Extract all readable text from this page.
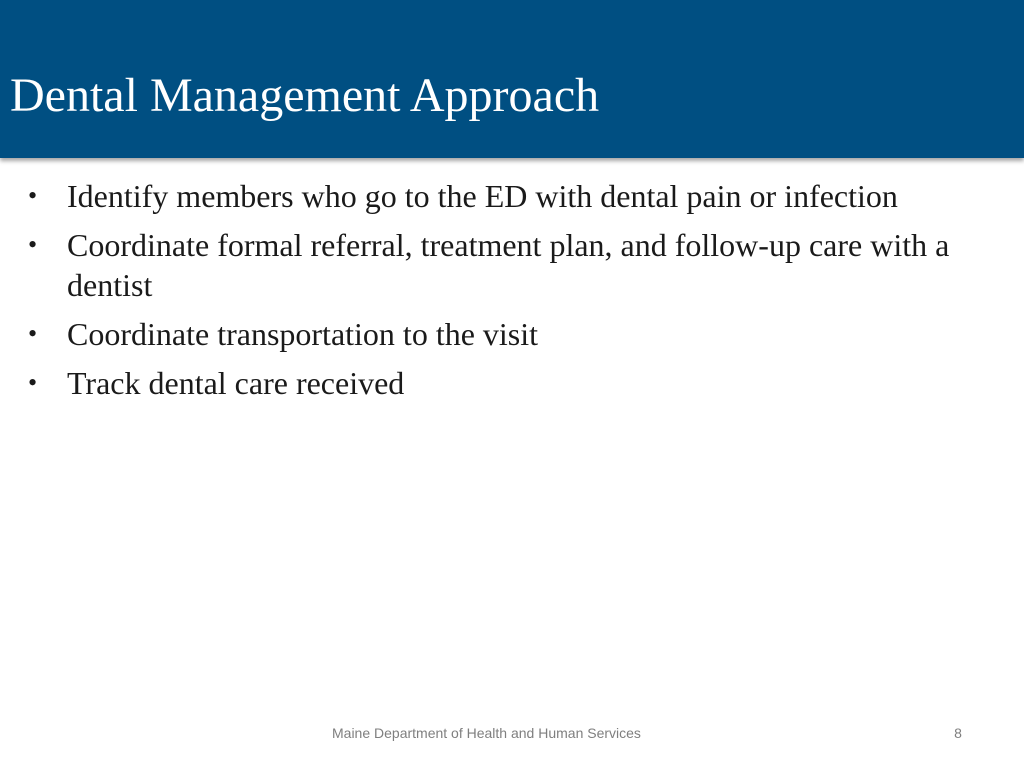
Dental Management Approach
• Identify members who go to the ED with dental pain or infection
• Coordinate formal referral, treatment plan, and follow-up care with a dentist
• Coordinate transportation to the visit
• Track dental care received
Maine Department of Health and Human Services	8
